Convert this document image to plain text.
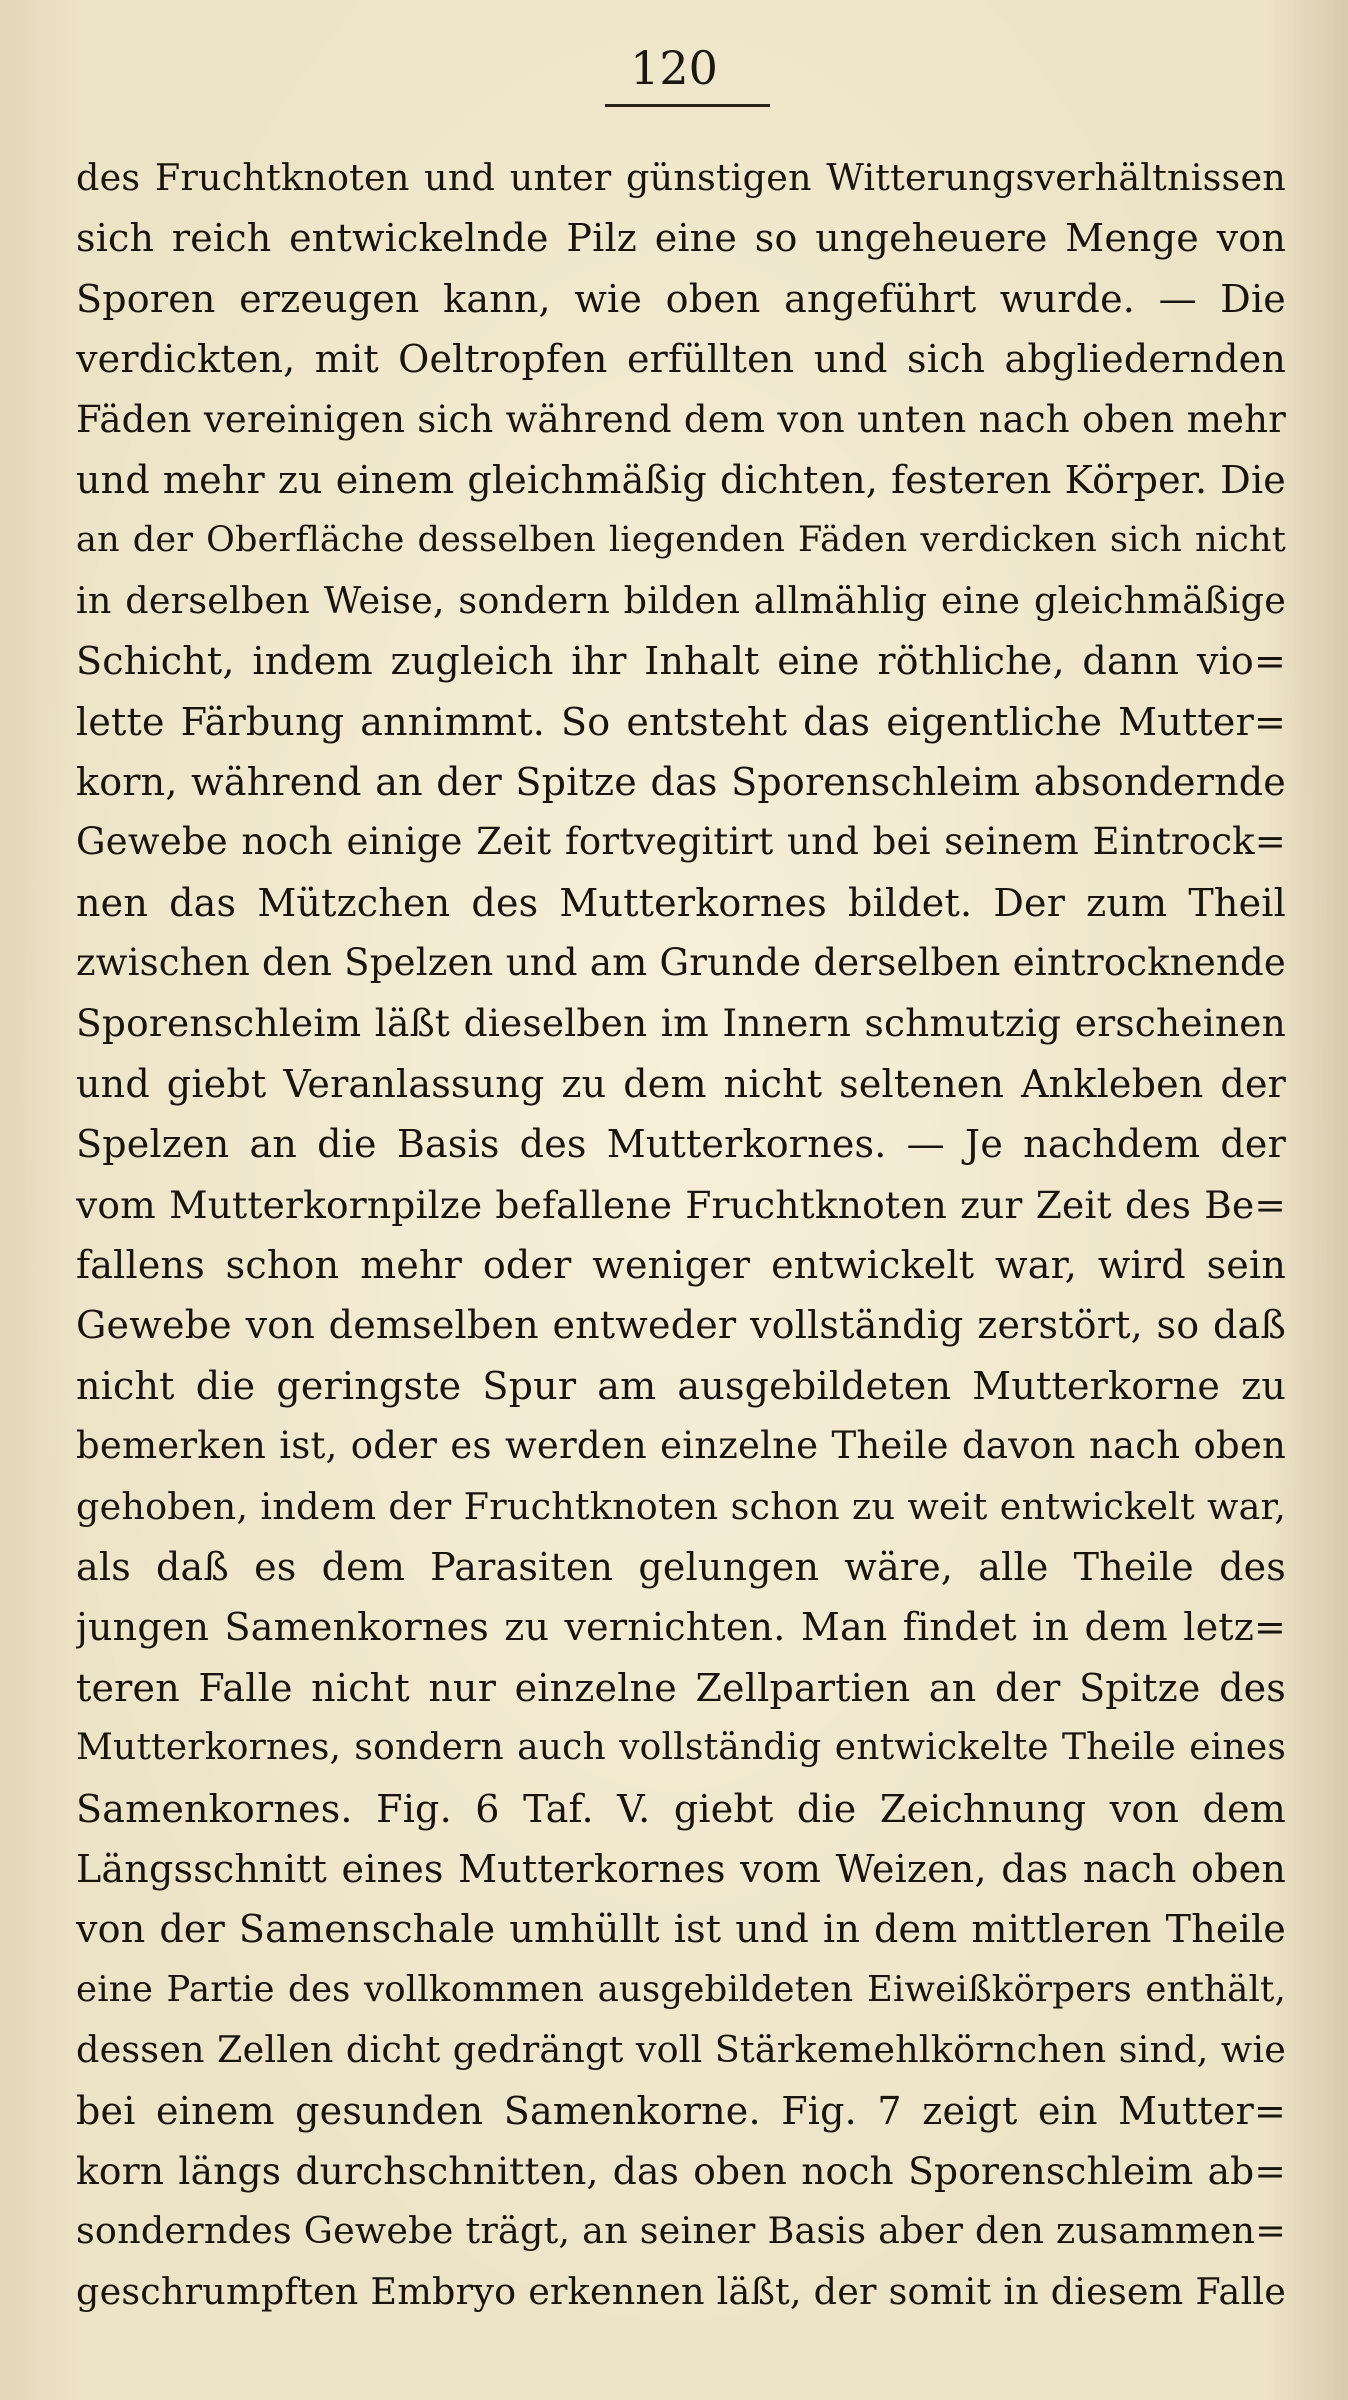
120
des Fruchtknoten und unter günstigen Witterungsverhältnissen
sich reich entwickelnde Pilz eine so ungeheuere Menge von
Sporen erzeugen kann, wie oben angeführt wurde. — Die
verdickten, mit Oeltropfen erfüllten und sich abgliedernden
Fäden vereinigen sich während dem von unten nach oben mehr
und mehr zu einem gleichmäßig dichten, festeren Körper. Die
an der Oberfläche desselben liegenden Fäden verdicken sich nicht
in derselben Weise, sondern bilden allmählig eine gleichmäßige
Schicht, indem zugleich ihr Inhalt eine röthliche, dann vio=
lette Färbung annimmt. So entsteht das eigentliche Mutter=
korn, während an der Spitze das Sporenschleim absondernde
Gewebe noch einige Zeit fortvegitirt und bei seinem Eintrock=
nen das Mützchen des Mutterkornes bildet. Der zum Theil
zwischen den Spelzen und am Grunde derselben eintrocknende
Sporenschleim läßt dieselben im Innern schmutzig erscheinen
und giebt Veranlassung zu dem nicht seltenen Ankleben der
Spelzen an die Basis des Mutterkornes. — Je nachdem der
vom Mutterkornpilze befallene Fruchtknoten zur Zeit des Be=
fallens schon mehr oder weniger entwickelt war, wird sein
Gewebe von demselben entweder vollständig zerstört, so daß
nicht die geringste Spur am ausgebildeten Mutterkorne zu
bemerken ist, oder es werden einzelne Theile davon nach oben
gehoben, indem der Fruchtknoten schon zu weit entwickelt war,
als daß es dem Parasiten gelungen wäre, alle Theile des
jungen Samenkornes zu vernichten. Man findet in dem letz=
teren Falle nicht nur einzelne Zellpartien an der Spitze des
Mutterkornes, sondern auch vollständig entwickelte Theile eines
Samenkornes. Fig. 6 Taf. V. giebt die Zeichnung von dem
Längsschnitt eines Mutterkornes vom Weizen, das nach oben
von der Samenschale umhüllt ist und in dem mittleren Theile
eine Partie des vollkommen ausgebildeten Eiweißkörpers enthält,
dessen Zellen dicht gedrängt voll Stärkemehlkörnchen sind, wie
bei einem gesunden Samenkorne. Fig. 7 zeigt ein Mutter=
korn längs durchschnitten, das oben noch Sporenschleim ab=
sonderndes Gewebe trägt, an seiner Basis aber den zusammen=
geschrumpften Embryo erkennen läßt, der somit in diesem Falle
